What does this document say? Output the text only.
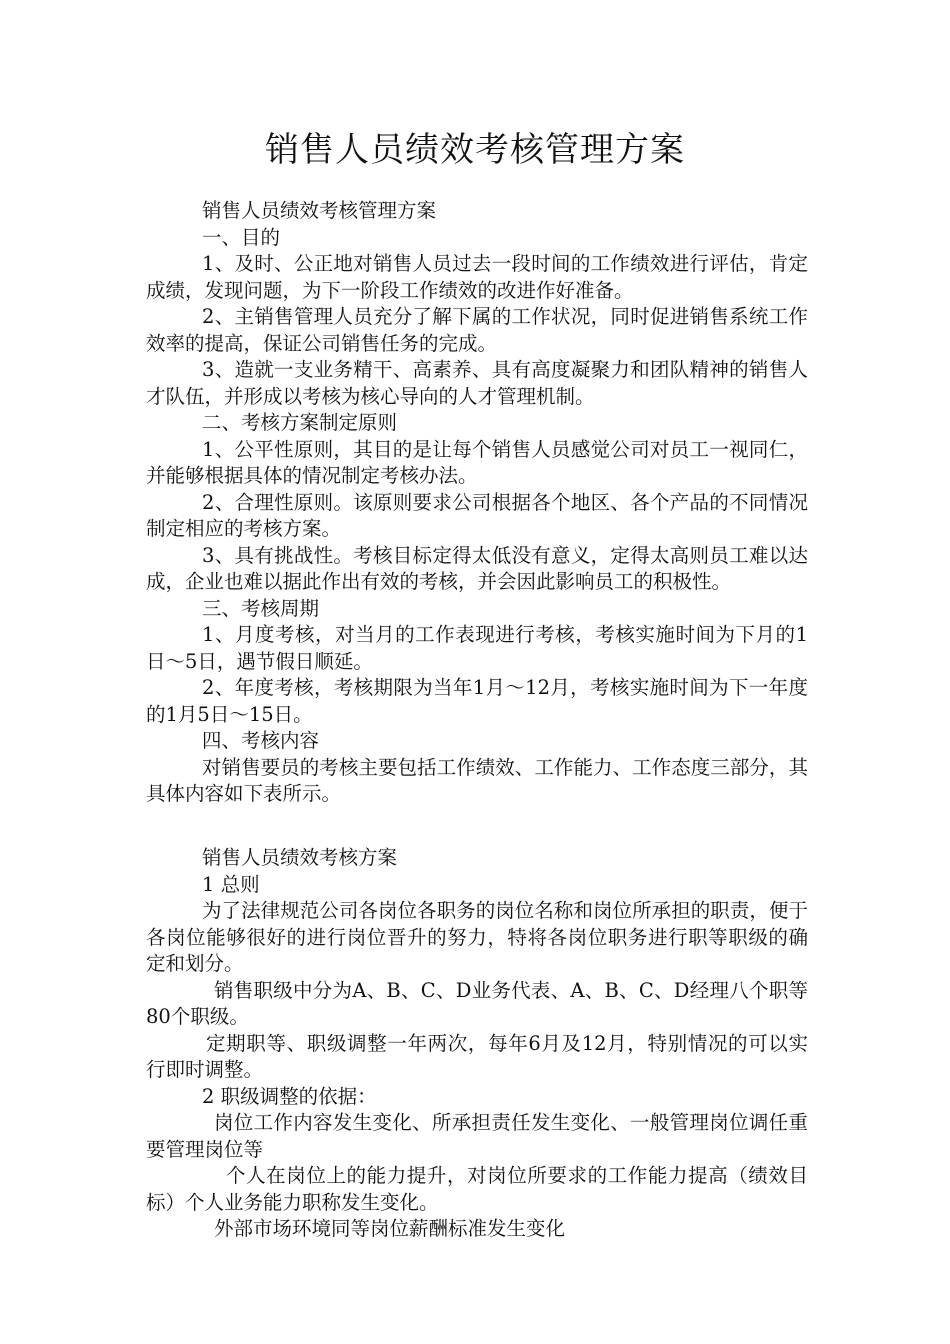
销售人员绩效考核管理方案

销售人员绩效考核管理方案

一、目的

1、及时、公正地对销售人员过去一段时间的工作绩效进行评估，肯定成绩，发现问题，为下一阶段工作绩效的改进作好准备。

2、主销售管理人员充分了解下属的工作状况，同时促进销售系统工作效率的提高，保证公司销售任务的完成。

3、造就一支业务精干、高素养、具有高度凝聚力和团队精神的销售人才队伍，并形成以考核为核心导向的人才管理机制。

二、考核方案制定原则

1、公平性原则，其目的是让每个销售人员感觉公司对员工一视同仁，并能够根据具体的情况制定考核办法。

2、合理性原则。该原则要求公司根据各个地区、各个产品的不同情况制定相应的考核方案。

3、具有挑战性。考核目标定得太低没有意义，定得太高则员工难以达成，企业也难以据此作出有效的考核，并会因此影响员工的积极性。

三、考核周期

1、月度考核，对当月的工作表现进行考核，考核实施时间为下月的1日～5日，遇节假日顺延。

2、年度考核，考核期限为当年1月～12月，考核实施时间为下一年度的1月5日～15日。

四、考核内容

对销售要员的考核主要包括工作绩效、工作能力、工作态度三部分，其具体内容如下表所示。

销售人员绩效考核方案

1 总则

为了法律规范公司各岗位各职务的岗位名称和岗位所承担的职责，便于各岗位能够很好的进行岗位晋升的努力，特将各岗位职务进行职等职级的确定和划分。

销售职级中分为A、B、C、D业务代表、A、B、C、D经理八个职等80个职级。

定期职等、职级调整一年两次，每年6月及12月，特别情况的可以实行即时调整。

2 职级调整的依据：

岗位工作内容发生变化、所承担责任发生变化、一般管理岗位调任重要管理岗位等

个人在岗位上的能力提升，对岗位所要求的工作能力提高（绩效目标）个人业务能力职称发生变化。

外部市场环境同等岗位薪酬标准发生变化
